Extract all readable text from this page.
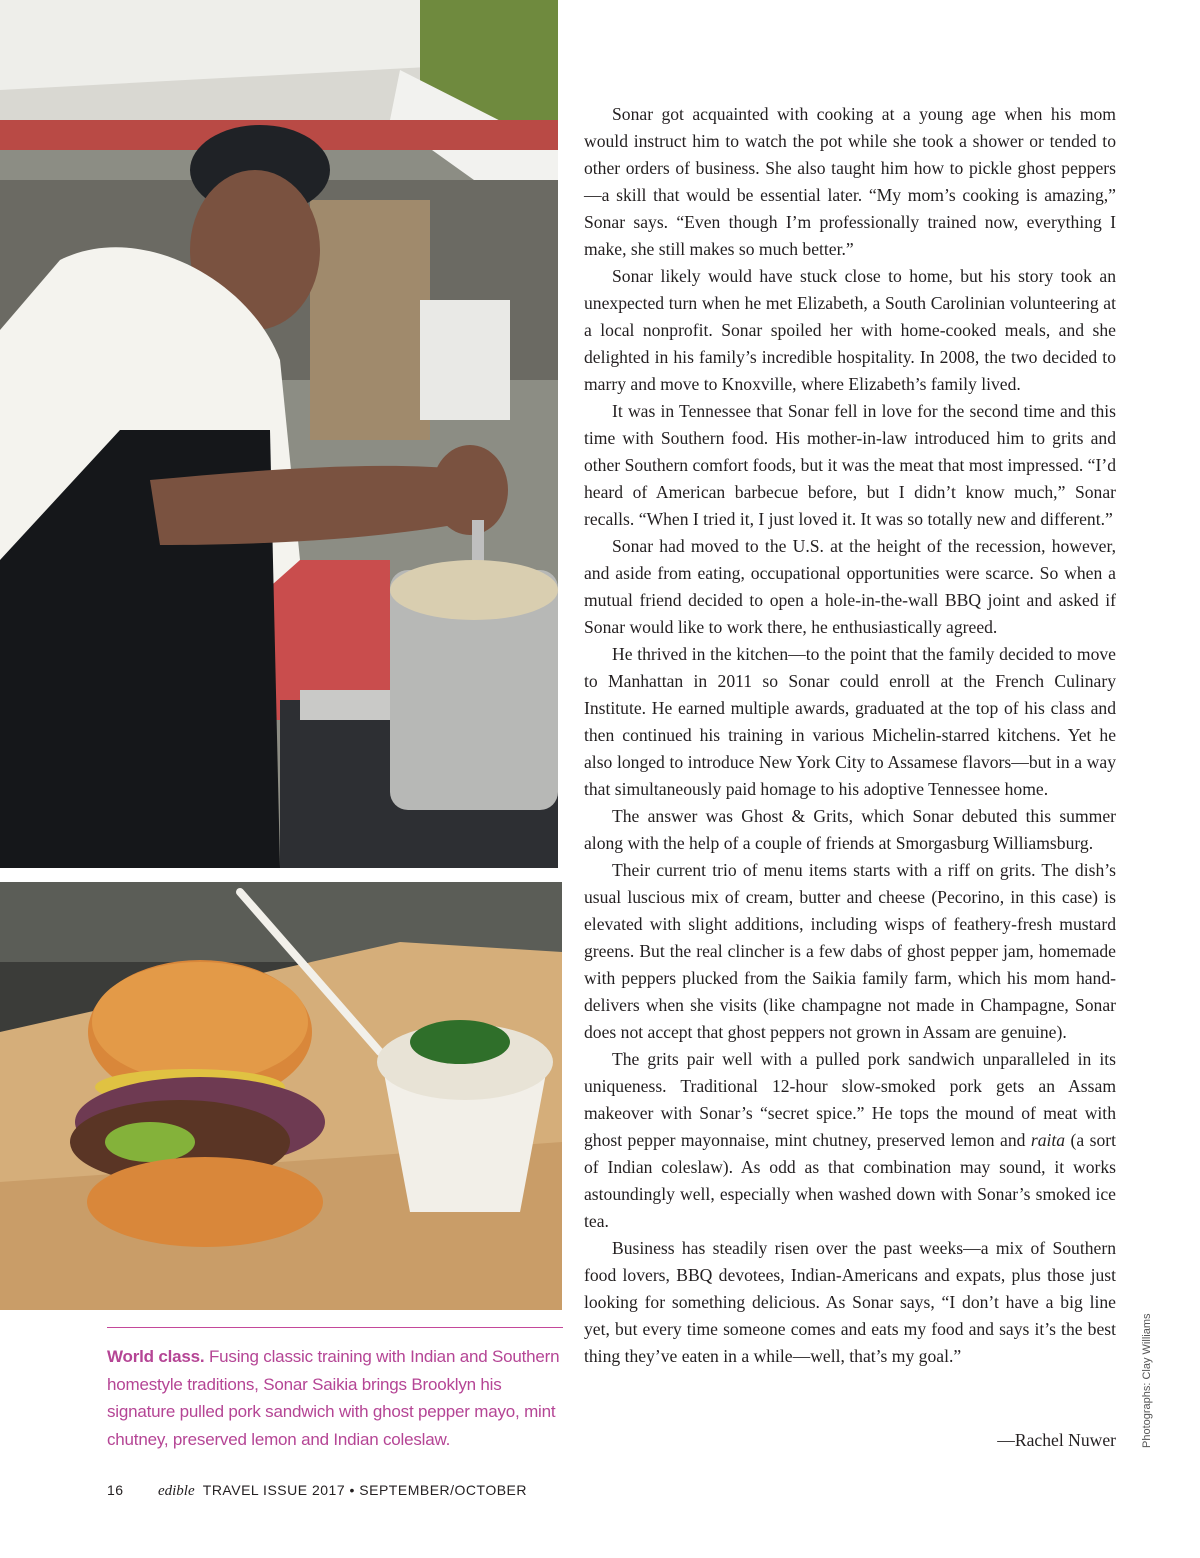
Sonar got acquainted with cooking at a young age when his mom would instruct him to watch the pot while she took a shower or tended to other orders of business. She also taught him how to pickle ghost peppers—a skill that would be essential later. “My mom’s cooking is amazing,” Sonar says. “Even though I’m professionally trained now, everything I make, she still makes so much better.”

Sonar likely would have stuck close to home, but his story took an unexpected turn when he met Elizabeth, a South Carolinian volunteering at a local nonprofit. Sonar spoiled her with home-cooked meals, and she delighted in his family’s incredible hospitality. In 2008, the two decided to marry and move to Knoxville, where Elizabeth’s family lived.

It was in Tennessee that Sonar fell in love for the second time and this time with Southern food. His mother-in-law introduced him to grits and other Southern comfort foods, but it was the meat that most impressed. “I’d heard of American barbecue before, but I didn’t know much,” Sonar recalls. “When I tried it, I just loved it. It was so totally new and different.”

Sonar had moved to the U.S. at the height of the recession, however, and aside from eating, occupational opportunities were scarce. So when a mutual friend decided to open a hole-in-the-wall BBQ joint and asked if Sonar would like to work there, he enthusiastically agreed.

He thrived in the kitchen—to the point that the family decided to move to Manhattan in 2011 so Sonar could enroll at the French Culinary Institute. He earned multiple awards, graduated at the top of his class and then continued his training in various Michelin-starred kitchens. Yet he also longed to introduce New York City to Assamese flavors—but in a way that simultaneously paid homage to his adoptive Tennessee home.

The answer was Ghost & Grits, which Sonar debuted this summer along with the help of a couple of friends at Smorgasburg Williamsburg.

Their current trio of menu items starts with a riff on grits. The dish’s usual luscious mix of cream, butter and cheese (Pecorino, in this case) is elevated with slight additions, including wisps of feathery-fresh mustard greens. But the real clincher is a few dabs of ghost pepper jam, homemade with peppers plucked from the Saikia family farm, which his mom hand-delivers when she visits (like champagne not made in Champagne, Sonar does not accept that ghost peppers not grown in Assam are genuine).

The grits pair well with a pulled pork sandwich unparalleled in its uniqueness. Traditional 12-hour slow-smoked pork gets an Assam makeover with Sonar’s “secret spice.” He tops the mound of meat with ghost pepper mayonnaise, mint chutney, preserved lemon and raita (a sort of Indian coleslaw). As odd as that combination may sound, it works astoundingly well, especially when washed down with Sonar’s smoked ice tea.

Business has steadily risen over the past weeks—a mix of Southern food lovers, BBQ devotees, Indian-Americans and expats, plus those just looking for something delicious. As Sonar says, “I don’t have a big line yet, but every time someone comes and eats my food and says it’s the best thing they’ve eaten in a while—well, that’s my goal.”

—Rachel Nuwer
World class. Fusing classic training with Indian and Southern homestyle traditions, Sonar Saikia brings Brooklyn his signature pulled pork sandwich with ghost pepper mayo, mint chutney, preserved lemon and Indian coleslaw.	Photographs: Clay Williams
16 edible TRAVEL ISSUE 2017 • SEPTEMBER/OCTOBER
